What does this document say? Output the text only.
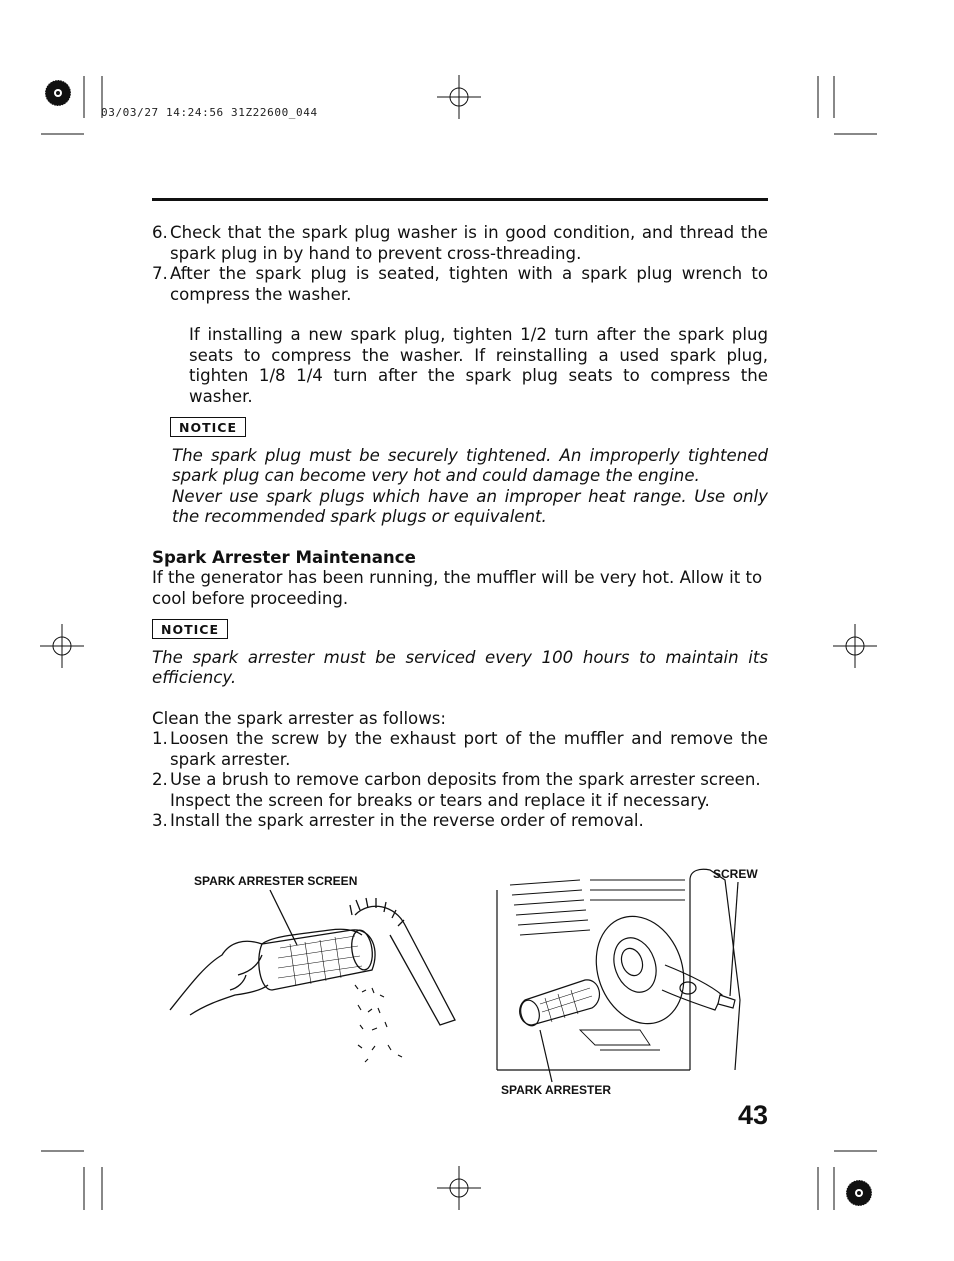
03/03/27 14:24:56 31Z22600_044
6. Check that the spark plug washer is in good condition, and thread the spark plug in by hand to prevent cross-threading.
7. After the spark plug is seated, tighten with a spark plug wrench to compress the washer.

If installing a new spark plug, tighten 1/2 turn after the spark plug seats to compress the washer. If reinstalling a used spark plug, tighten 1/8 1/4 turn after the spark plug seats to compress the washer.

NOTICE

The spark plug must be securely tightened. An improperly tightened spark plug can become very hot and could damage the engine.

Never use spark plugs which have an improper heat range. Use only the recommended spark plugs or equivalent.

Spark Arrester Maintenance

If the generator has been running, the muffler will be very hot. Allow it to cool before proceeding.

NOTICE

The spark arrester must be serviced every 100 hours to maintain its efficiency.

Clean the spark arrester as follows:

1. Loosen the screw by the exhaust port of the muffler and remove the spark arrester.
2. Use a brush to remove carbon deposits from the spark arrester screen.

Inspect the screen for breaks or tears and replace it if necessary.

3. Install the spark arrester in the reverse order of removal.
SPARK ARRESTER SCREEN	SCREW
SPARK ARRESTER
43
